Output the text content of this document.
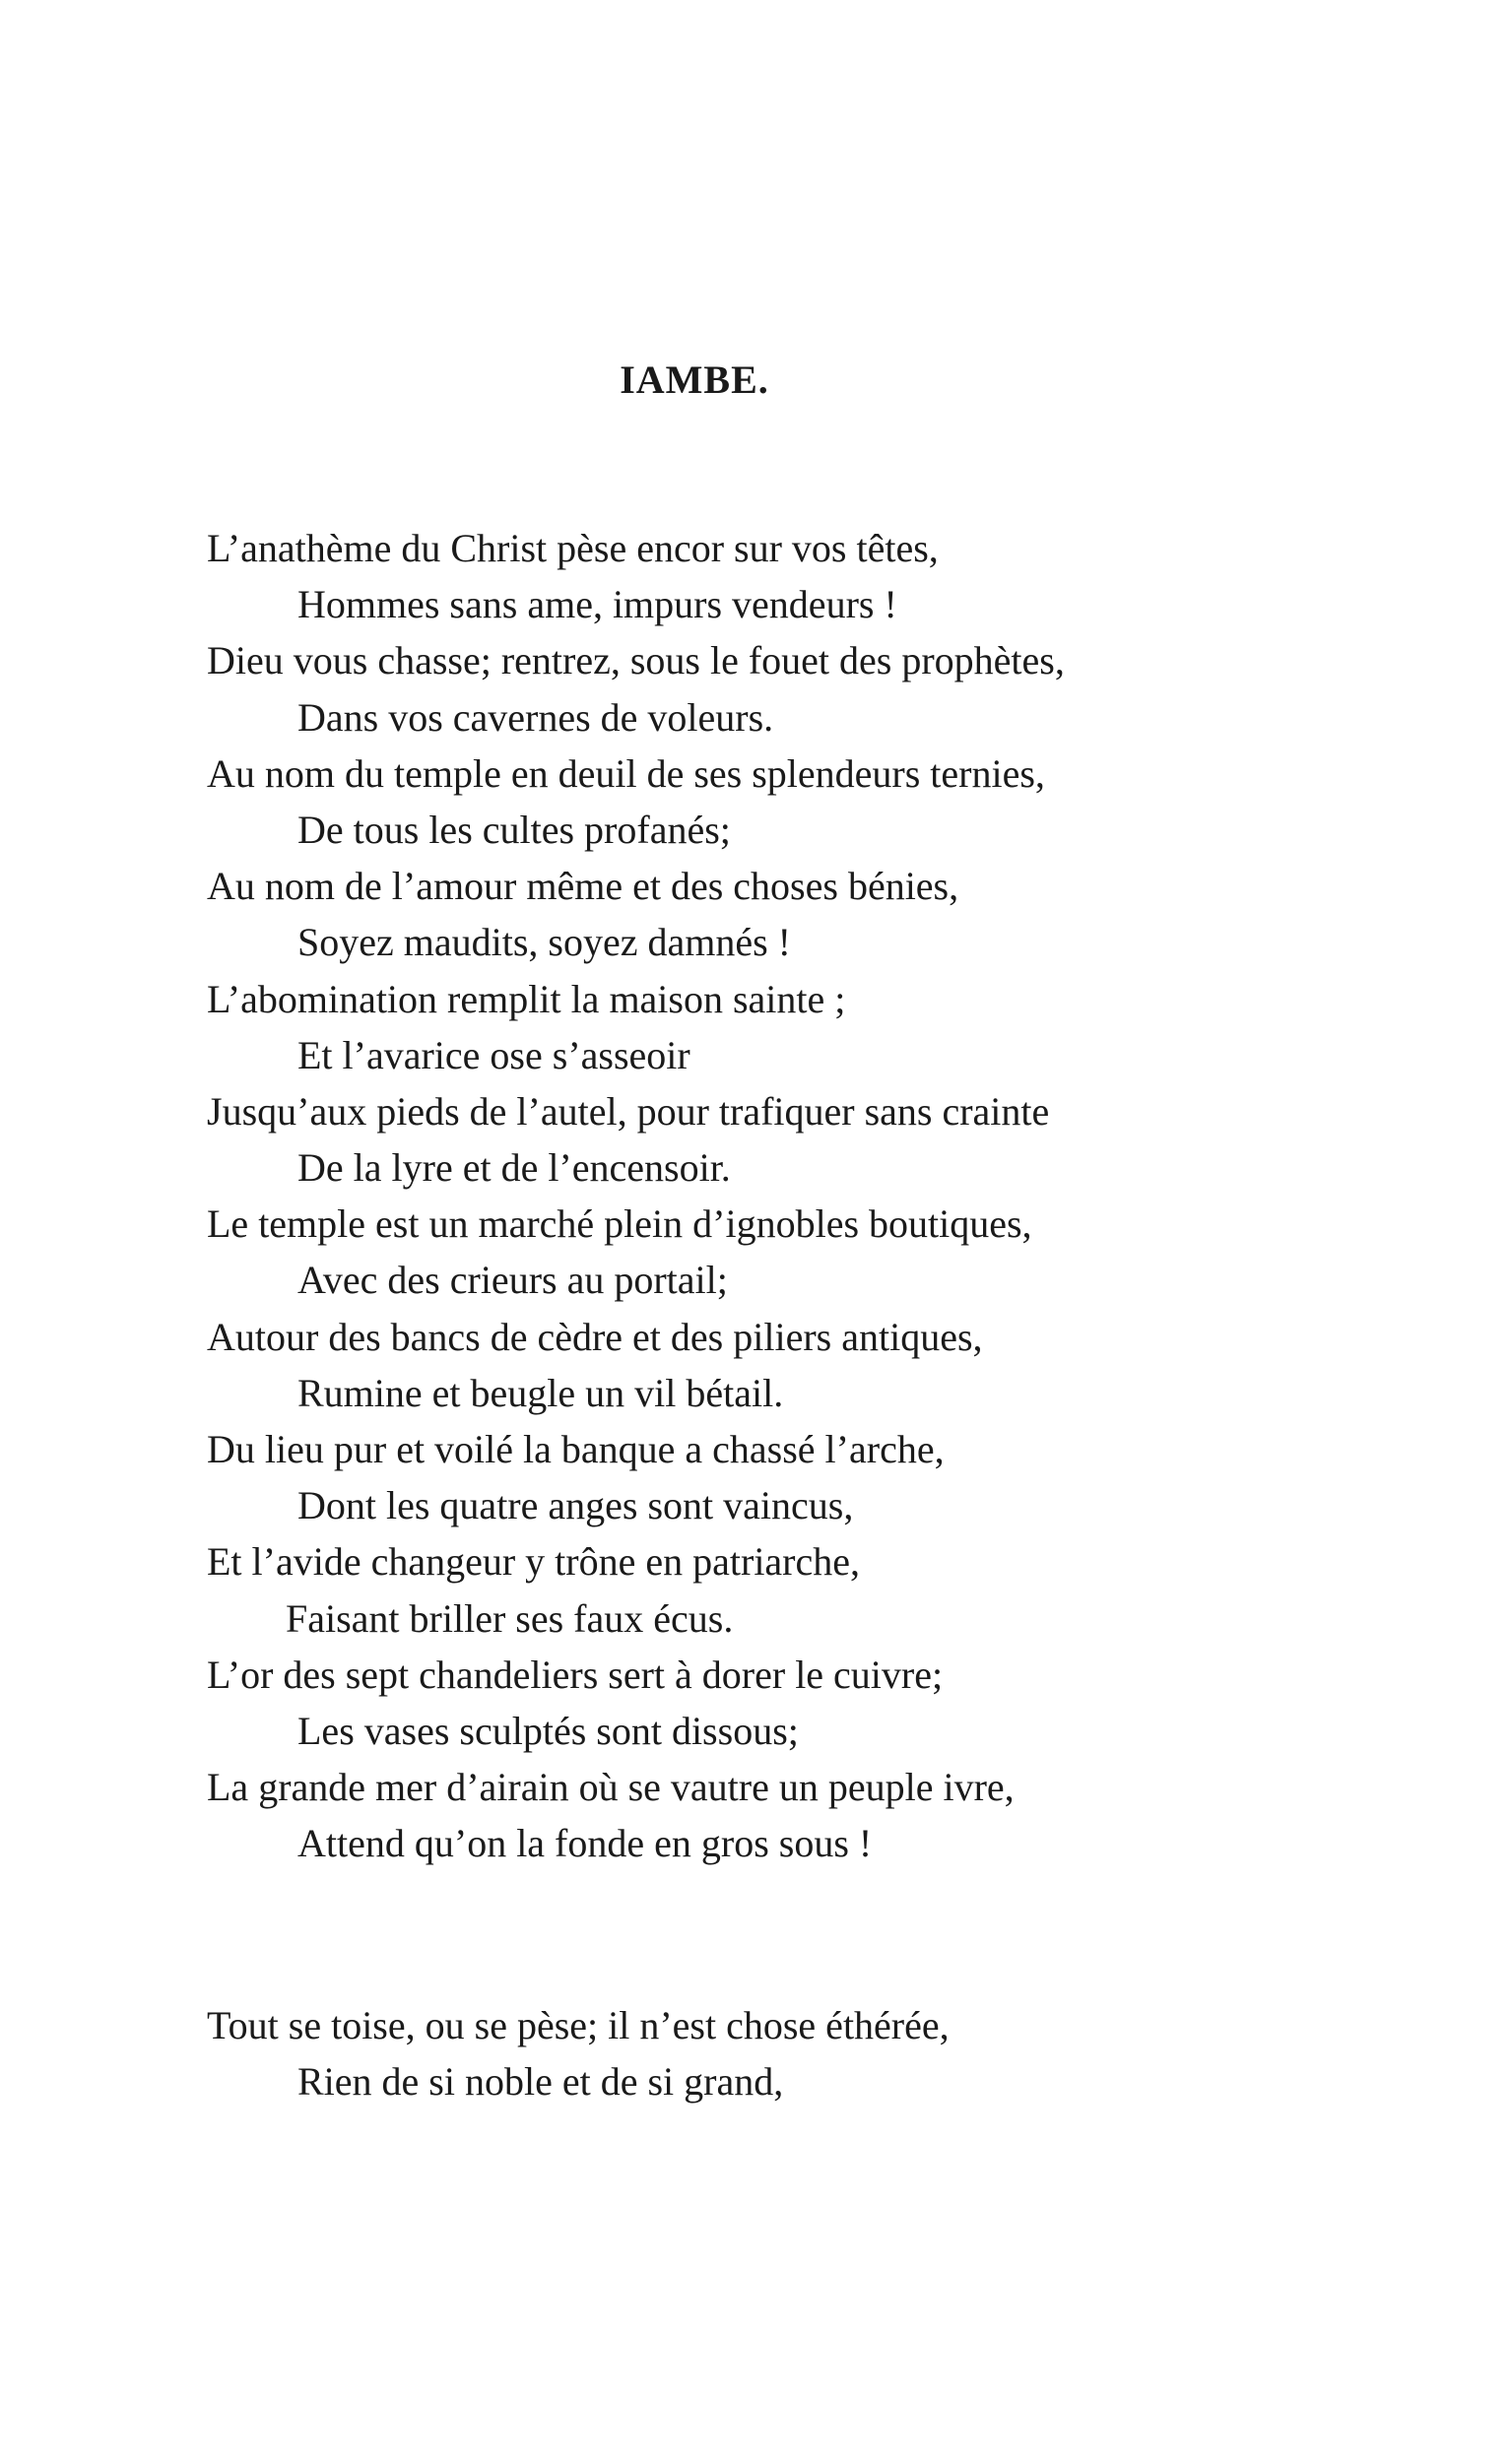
IAMBE.
L’anathème du Christ pèse encor sur vos têtes,
Hommes sans ame, impurs vendeurs !
Dieu vous chasse; rentrez, sous le fouet des prophètes,
Dans vos cavernes de voleurs.
Au nom du temple en deuil de ses splendeurs ternies,
De tous les cultes profanés;
Au nom de l’amour même et des choses bénies,
Soyez maudits, soyez damnés !
L’abomination remplit la maison sainte ;
Et l’avarice ose s’asseoir
Jusqu’aux pieds de l’autel, pour trafiquer sans crainte
De la lyre et de l’encensoir.
Le temple est un marché plein d’ignobles boutiques,
Avec des crieurs au portail;
Autour des bancs de cèdre et des piliers antiques,
Rumine et beugle un vil bétail.
Du lieu pur et voilé la banque a chassé l’arche,
Dont les quatre anges sont vaincus,
Et l’avide changeur y trône en patriarche,
Faisant briller ses faux écus.
L’or des sept chandeliers sert à dorer le cuivre;
Les vases sculptés sont dissous;
La grande mer d’airain où se vautre un peuple ivre,
Attend qu’on la fonde en gros sous !
Tout se toise, ou se pèse; il n’est chose éthérée,
Rien de si noble et de si grand,
